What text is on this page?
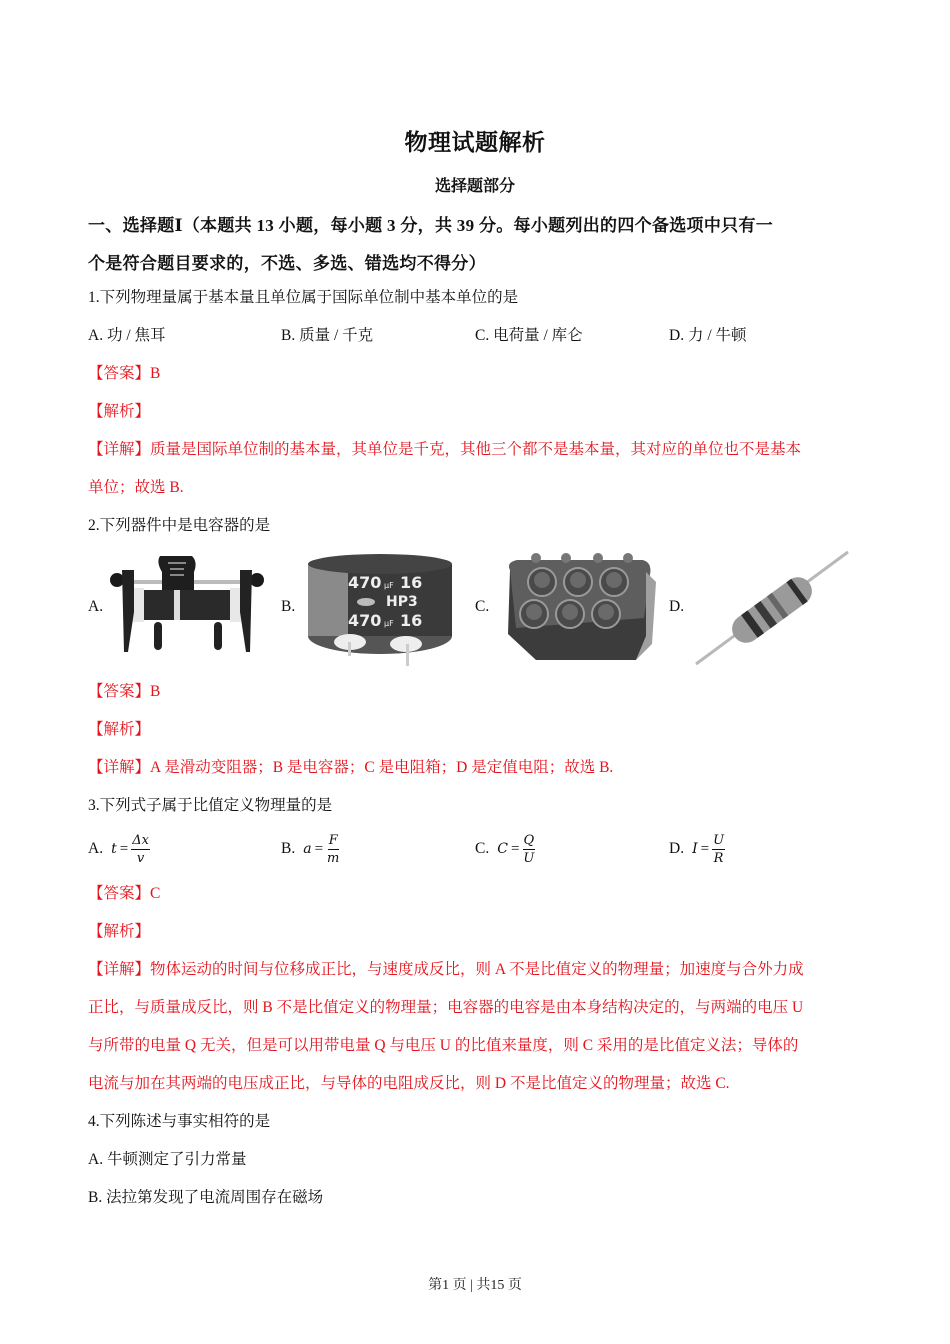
物理试题解析
选择题部分
一、选择题Ⅰ（本题共 13 小题，每小题 3 分，共 39 分。每小题列出的四个备选项中只有一
个是符合题目要求的，不选、多选、错选均不得分）
1.下列物理量属于基本量且单位属于国际单位制中基本单位的是
A. 功 / 焦耳	B. 质量 / 千克	C. 电荷量 / 库仑	D. 力 / 牛顿
【答案】B
【解析】
【详解】质量是国际单位制的基本量，其单位是千克，其他三个都不是基本量，其对应的单位也不是基本
单位；故选 B.
2.下列器件中是电容器的是
A.	B.
470 μF 16
HP3
470 μF 16
C.	D.
【答案】B
【解析】
【详解】A 是滑动变阻器；B 是电容器；C 是电阻箱；D 是定值电阻；故选 B.
3.下列式子属于比值定义物理量的是
A. $t = \frac{\Delta x}{v}$	B. $a = \frac{F}{m}$	C. $C = \frac{Q}{U}$	D. $I = \frac{U}{R}$
【答案】C
【解析】
【详解】物体运动的时间与位移成正比，与速度成反比，则 A 不是比值定义的物理量；加速度与合外力成
正比，与质量成反比，则 B 不是比值定义的物理量；电容器的电容是由本身结构决定的，与两端的电压 U
与所带的电量 Q 无关，但是可以用带电量 Q 与电压 U 的比值来量度，则 C 采用的是比值定义法；导体的
电流与加在其两端的电压成正比，与导体的电阻成反比，则 D 不是比值定义的物理量；故选 C.
4.下列陈述与事实相符的是
A. 牛顿测定了引力常量
B. 法拉第发现了电流周围存在磁场
第1 页 | 共15 页
